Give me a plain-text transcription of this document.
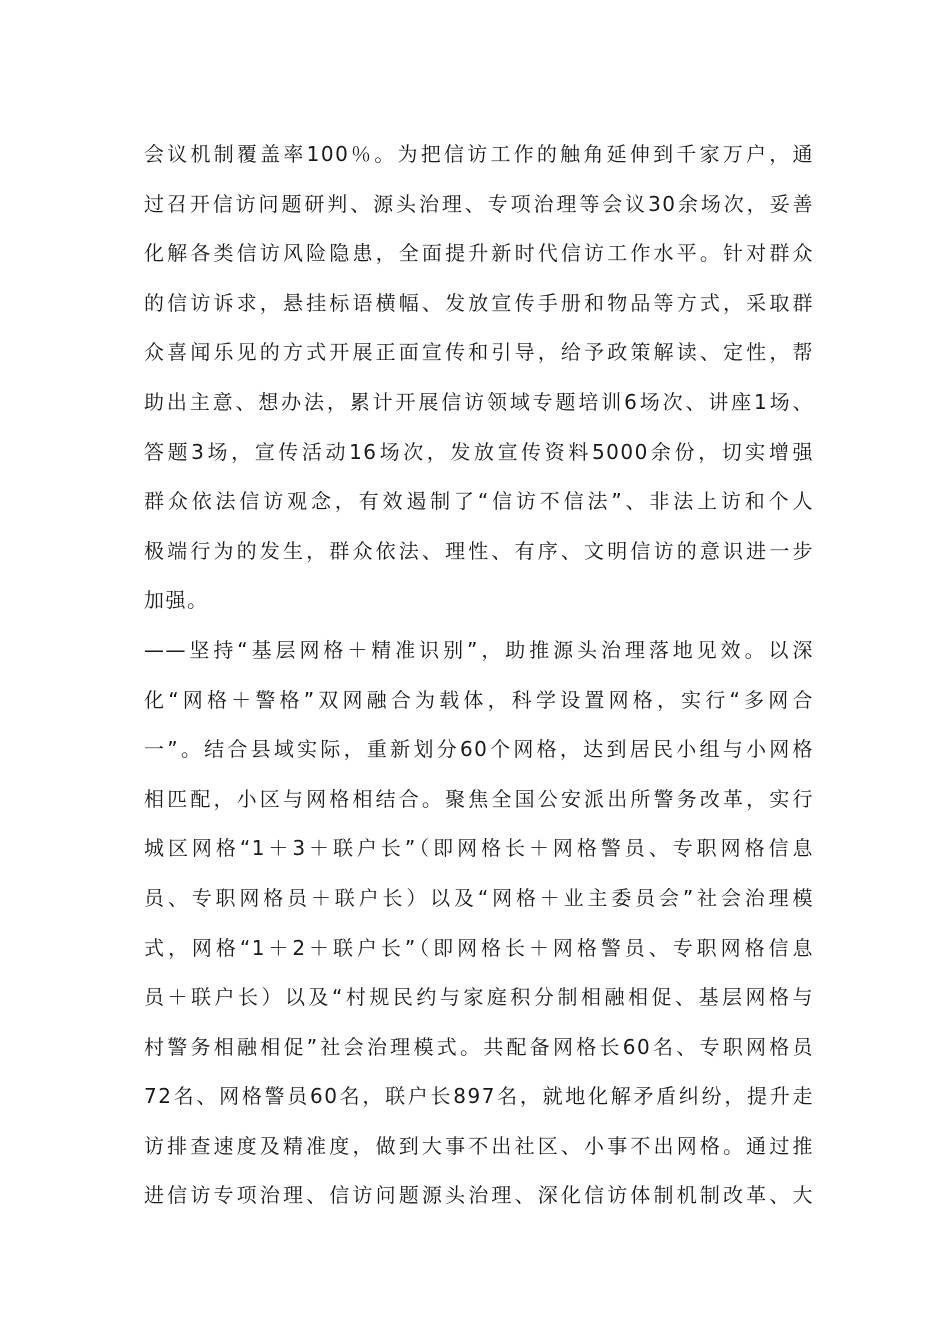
会议机制覆盖率100％。为把信访工作的触角延伸到千家万户，通
过召开信访问题研判、源头治理、专项治理等会议30余场次，妥善
化解各类信访风险隐患，全面提升新时代信访工作水平。针对群众
的信访诉求，悬挂标语横幅、发放宣传手册和物品等方式，采取群
众喜闻乐见的方式开展正面宣传和引导，给予政策解读、定性，帮
助出主意、想办法，累计开展信访领域专题培训6场次、讲座1场、
答题3场，宣传活动16场次，发放宣传资料5000余份，切实增强
群众依法信访观念，有效遏制了“信访不信法”、非法上访和个人
极端行为的发生，群众依法、理性、有序、文明信访的意识进一步
加强。
——坚持“基层网格＋精准识别”，助推源头治理落地见效。以深
化“网格＋警格”双网融合为载体，科学设置网格，实行“多网合
一”。结合县域实际，重新划分60个网格，达到居民小组与小网格
相匹配，小区与网格相结合。聚焦全国公安派出所警务改革，实行
城区网格“1＋3＋联户长”（即网格长＋网格警员、专职网格信息
员、专职网格员＋联户长）以及“网格＋业主委员会”社会治理模
式，网格“1＋2＋联户长”（即网格长＋网格警员、专职网格信息
员＋联户长）以及“村规民约与家庭积分制相融相促、基层网格与
村警务相融相促”社会治理模式。共配备网格长60名、专职网格员
72名、网格警员60名，联户长897名，就地化解矛盾纠纷，提升走
访排查速度及精准度，做到大事不出社区、小事不出网格。通过推
进信访专项治理、信访问题源头治理、深化信访体制机制改革、大
